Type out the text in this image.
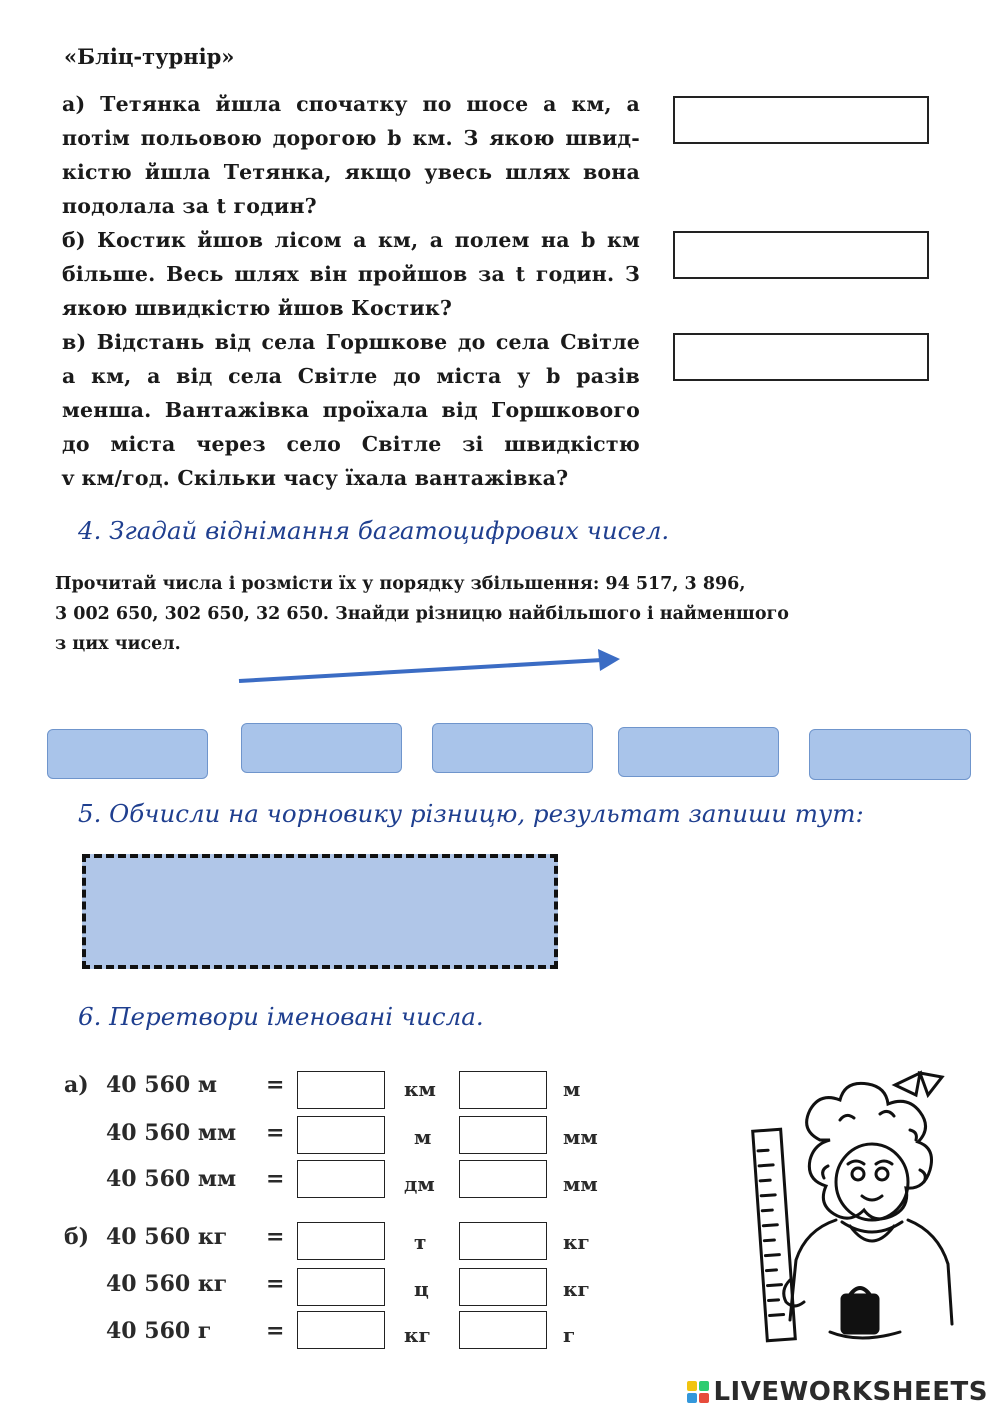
«Бліц-турнір»

а) Тетянка йшла спочатку по шосе a км, а

потім польовою дорогою b км. З якою швид-

кістю йшла Тетянка, якщо увесь шлях вона

подолала за t годин?

б) Костик йшов лісом a км, а полем на b км

більше. Весь шлях він пройшов за t годин. З

якою швидкістю йшов Костик?

в) Відстань від села Горшкове до села Світле

a км, а від села Світле до міста у b разів

менша. Вантажівка проїхала від Горшкового

до міста через село Світле зі швидкістю

v км/год. Скільки часу їхала вантажівка?

4. Згадай віднімання багатоцифрових чисел.
Прочитай числа і розмісти їх у порядку збільшення: 94 517, 3 896,
3 002 650, 302 650, 32 650. Знайди різницю найбільшого і найменшого
з цих чисел.
5. Обчисли на чорновику різницю, результат запиши тут:
6. Перетвори іменовані числа.
а) 40 560 м =	км	м
40 560 мм =	м	мм
40 560 мм =	дм	мм
б) 40 560 кг =	т	кг
40 560 кг =	ц	кг
40 560 г =	кг	г
LIVEWORKSHEETS
